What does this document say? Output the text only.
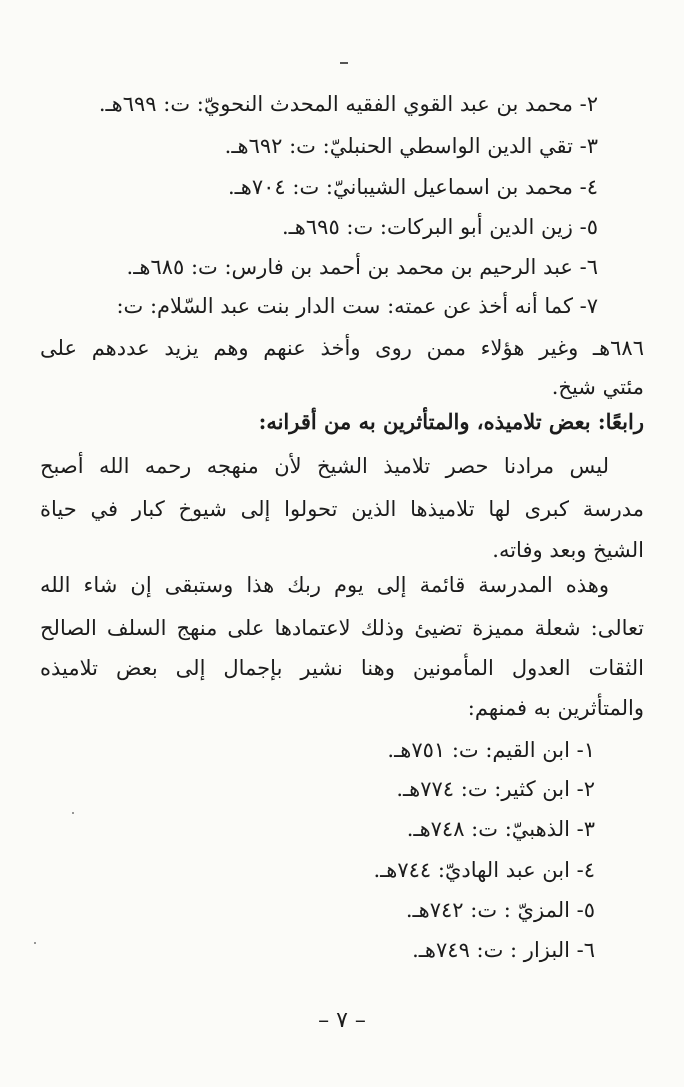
٢- محمد بن عبد القوي الفقيه المحدث النحويّ: ت: ٦٩٩هـ.
٣- تقي الدين الواسطي الحنبليّ: ت: ٦٩٢هـ.
٤- محمد بن اسماعيل الشيبانيّ: ت: ٧٠٤هـ.
٥- زين الدين أبو البركات: ت: ٦٩٥هـ.
٦- عبد الرحيم بن محمد بن أحمد بن فارس: ت: ٦٨٥هـ.
٧- كما أنه أخذ عن عمته: ست الدار بنت عبد السّلام: ت:
٦٨٦هـ وغير هؤلاء ممن روى وأخذ عنهم وهم يزيد عددهم على
مئتي شيخ.
رابعًا: بعض تلاميذه، والمتأثرين به من أقرانه:
ليس مرادنا حصر تلاميذ الشيخ لأن منهجه رحمه الله أصبح
مدرسة كبرى لها تلاميذها الذين تحولوا إلى شيوخ كبار في حياة
الشيخ وبعد وفاته.
وهذه المدرسة قائمة إلى يوم ربك هذا وستبقى إن شاء الله
تعالى: شعلة مميزة تضيئ وذلك لاعتمادها على منهج السلف الصالح
الثقات العدول المأمونين وهنا نشير بإجمال إلى بعض تلاميذه
والمتأثرين به فمنهم:
١- ابن القيم: ت: ٧٥١هـ.
٢- ابن كثير: ت: ٧٧٤هـ.
٣- الذهبيّ: ت: ٧٤٨هـ.
٤- ابن عبد الهاديّ: ٧٤٤هـ.
٥- المزيّ : ت: ٧٤٢هـ.
٦- البزار : ت: ٧٤٩هـ.
– ٧ –
